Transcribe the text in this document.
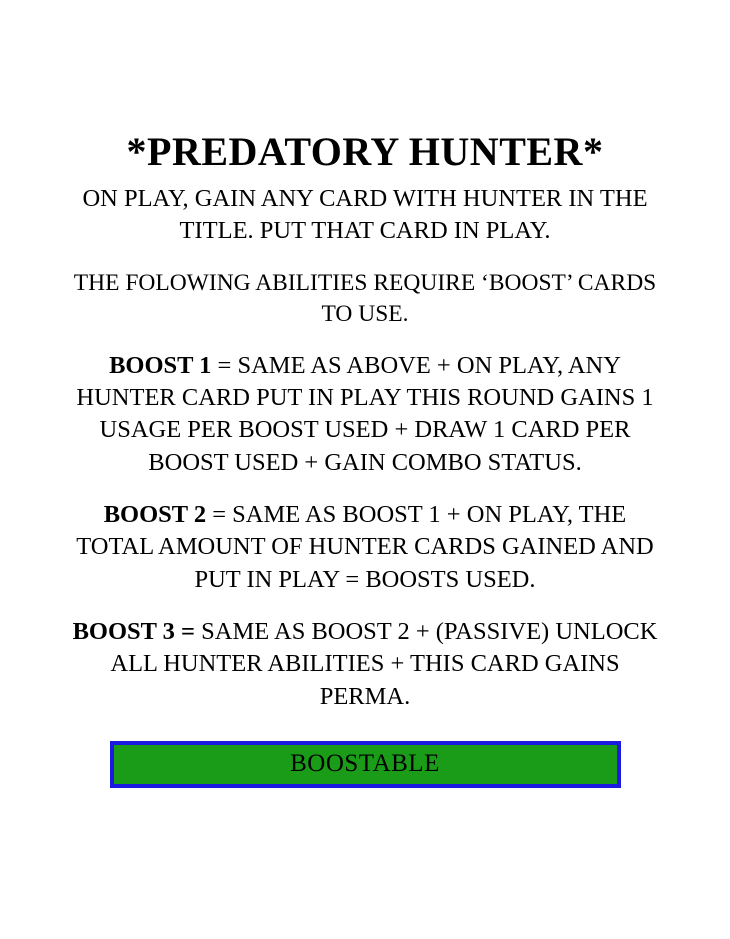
*PREDATORY HUNTER*

ON PLAY, GAIN ANY CARD WITH HUNTER IN THE TITLE. PUT THAT CARD IN PLAY.

THE FOLOWING ABILITIES REQUIRE ‘BOOST’ CARDS TO USE.

BOOST 1 = SAME AS ABOVE + ON PLAY, ANY HUNTER CARD PUT IN PLAY THIS ROUND GAINS 1 USAGE PER BOOST USED + DRAW 1 CARD PER BOOST USED + GAIN COMBO STATUS.

BOOST 2 = SAME AS BOOST 1 + ON PLAY, THE TOTAL AMOUNT OF HUNTER CARDS GAINED AND PUT IN PLAY = BOOSTS USED.

BOOST 3 = SAME AS BOOST 2 + (PASSIVE) UNLOCK ALL HUNTER ABILITIES + THIS CARD GAINS PERMA.

BOOSTABLE
